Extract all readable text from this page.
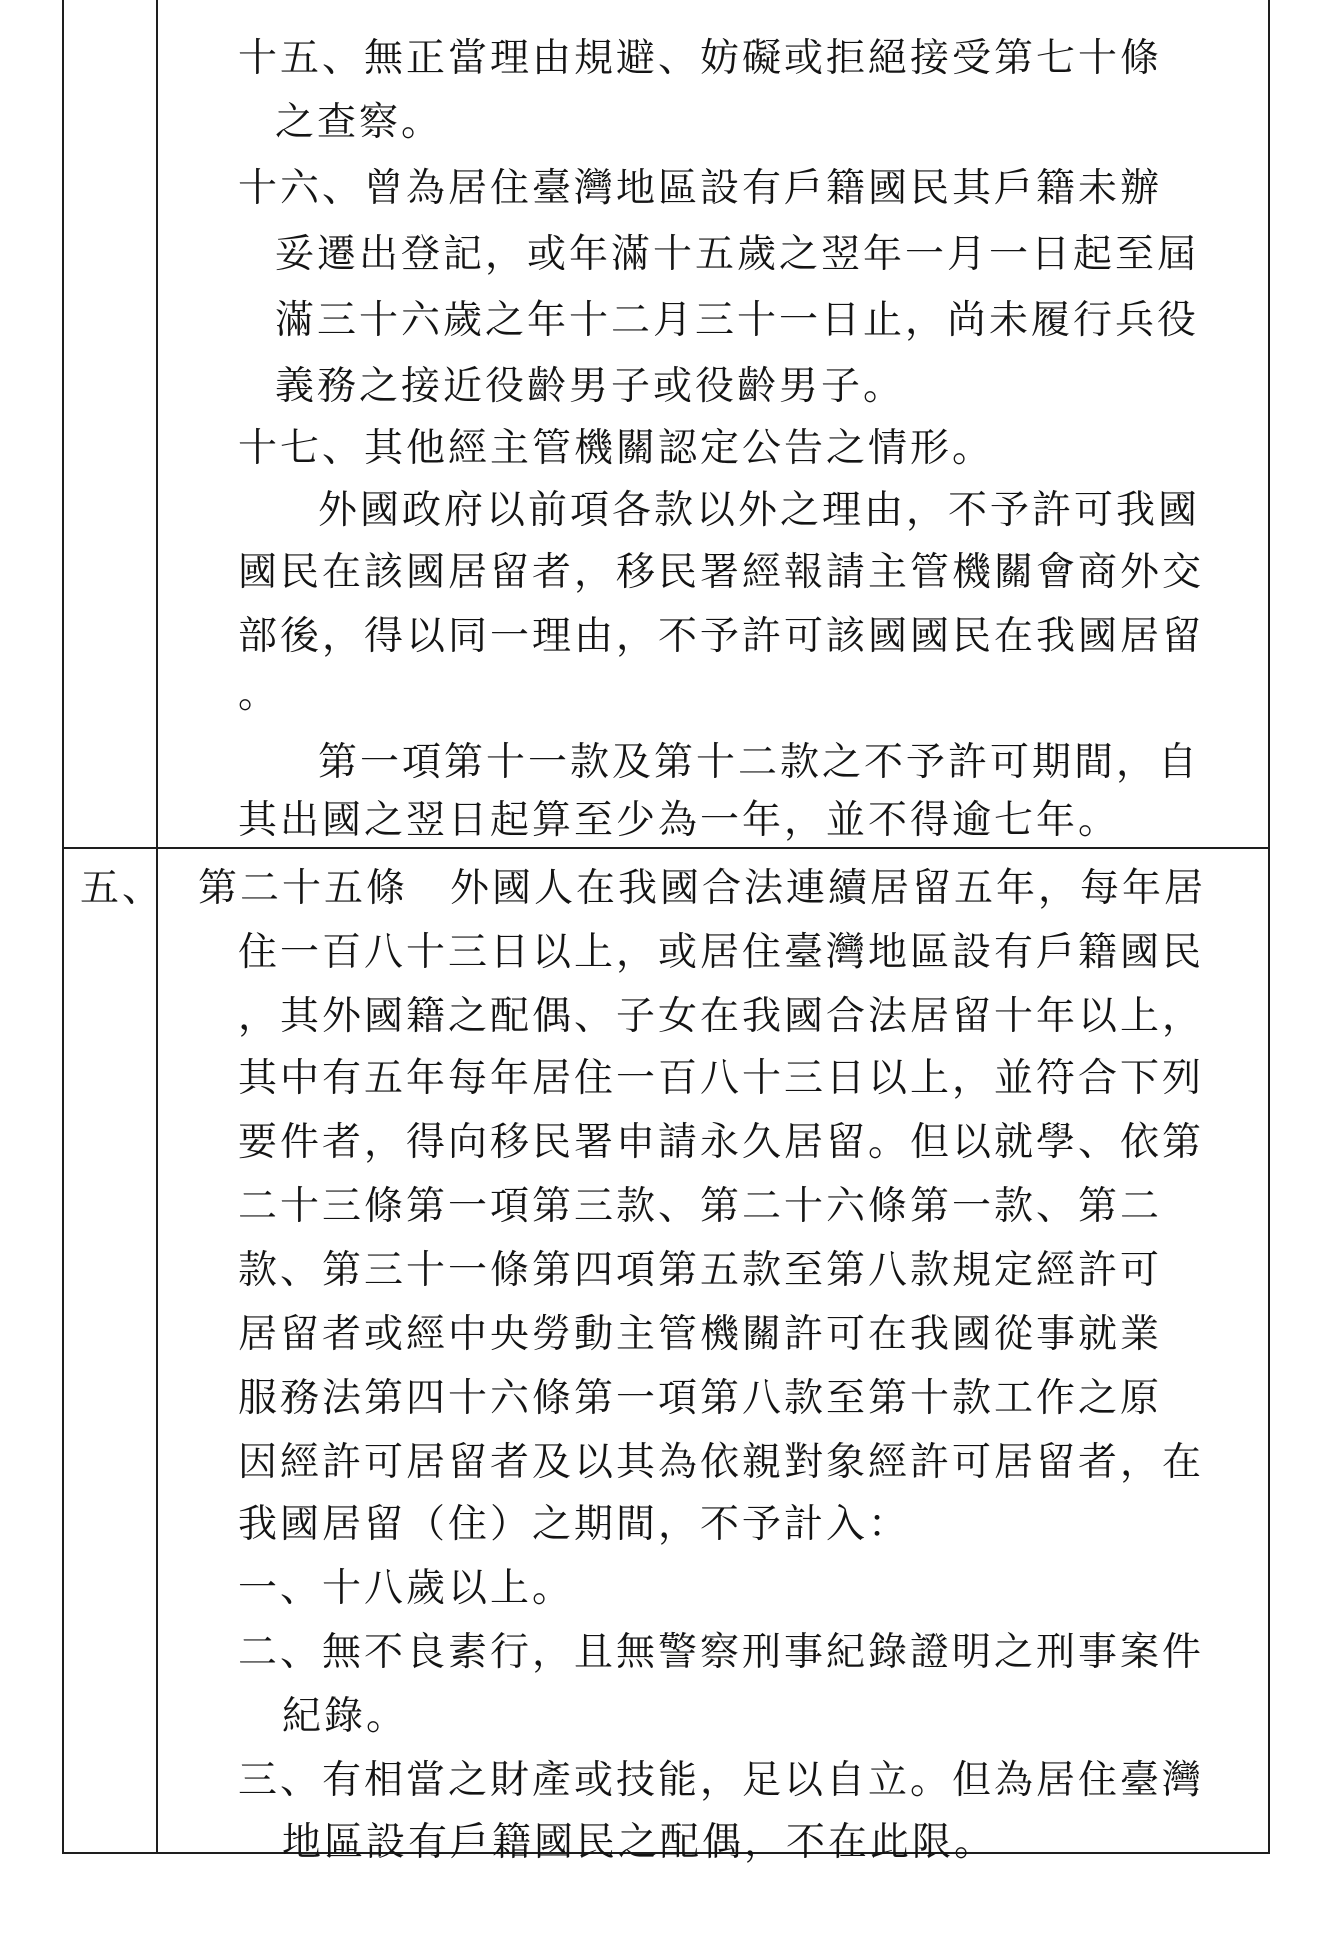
十五、無正當理由規避、妨礙或拒絕接受第七十條
之查察。
十六、曾為居住臺灣地區設有戶籍國民其戶籍未辦
妥遷出登記，或年滿十五歲之翌年一月一日起至屆
滿三十六歲之年十二月三十一日止，尚未履行兵役
義務之接近役齡男子或役齡男子。
十七、其他經主管機關認定公告之情形。
外國政府以前項各款以外之理由，不予許可我國
國民在該國居留者，移民署經報請主管機關會商外交
部後，得以同一理由，不予許可該國國民在我國居留
。
第一項第十一款及第十二款之不予許可期間，自
其出國之翌日起算至少為一年，並不得逾七年。
五、 第二十五條　外國人在我國合法連續居留五年，每年居
住一百八十三日以上，或居住臺灣地區設有戶籍國民
，其外國籍之配偶、子女在我國合法居留十年以上，
其中有五年每年居住一百八十三日以上，並符合下列
要件者，得向移民署申請永久居留。但以就學、依第
二十三條第一項第三款、第二十六條第一款、第二
款、第三十一條第四項第五款至第八款規定經許可
居留者或經中央勞動主管機關許可在我國從事就業
服務法第四十六條第一項第八款至第十款工作之原
因經許可居留者及以其為依親對象經許可居留者，在
我國居留（住）之期間，不予計入：
一、十八歲以上。
二、無不良素行，且無警察刑事紀錄證明之刑事案件
紀錄。
三、有相當之財產或技能，足以自立。但為居住臺灣
地區設有戶籍國民之配偶，不在此限。
